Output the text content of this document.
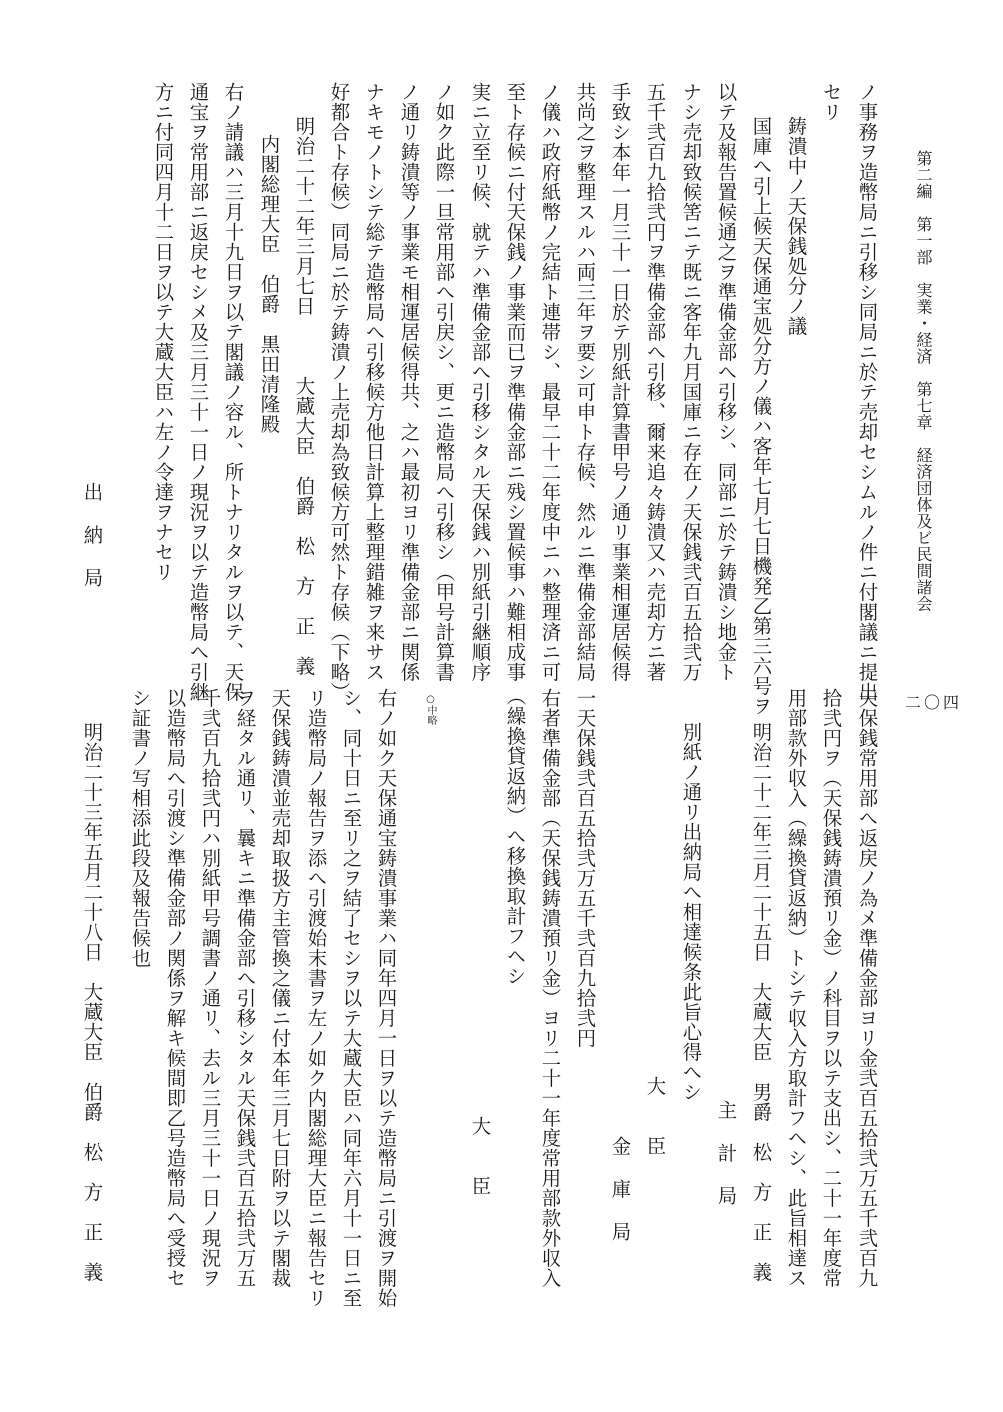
第二編　第一部　実業・経済　第七章　経済団体及ビ民間諸会
二〇四
ノ事務ヲ造幣局ニ引移シ同局ニ於テ売却セシムルノ件ニ付閣議ニ提出
セリ
鋳潰中ノ天保銭処分ノ議
国庫へ引上候天保通宝処分方ノ儀ハ客年七月七日機発乙第三六号ヲ
以テ及報告置候通之ヲ準備金部へ引移シ、同部ニ於テ鋳潰シ地金ト
ナシ売却致候筈ニテ既ニ客年九月国庫ニ存在ノ天保銭弐百五拾弐万
五千弐百九拾弐円ヲ準備金部へ引移、爾来追々鋳潰又ハ売却方ニ著
手致シ本年一月三十一日於テ別紙計算書甲号ノ通リ事業相運居候得
共尚之ヲ整理スルハ両三年ヲ要シ可申ト存候、然ルニ準備金部結局
ノ儀ハ政府紙幣ノ完結ト連帯シ、最早二十二年度中ニハ整理済ニ可
至ト存候ニ付天保銭ノ事業而已ヲ準備金部ニ残シ置候事ハ難相成事
実ニ立至リ候、就テハ準備金部へ引移シタル天保銭ハ別紙引継順序
ノ如ク此際一旦常用部へ引戻シ、更ニ造幣局へ引移シ（甲号計算書
ノ通リ鋳潰等ノ事業モ相運居候得共、之ハ最初ヨリ準備金部ニ関係
ナキモノトシテ総テ造幣局へ引移候方他日計算上整理錯雑ヲ来サス
好都合ト存候）同局ニ於テ鋳潰ノ上売却為致候方可然ト存候（下略）
明治二十二年三月七日　　　大蔵大臣　伯爵　松　方　正　義
内閣総理大臣　伯爵　黒田清隆殿
右ノ請議ハ三月十九日ヲ以テ閣議ノ容ル、所トナリタルヲ以テ、天保
通宝ヲ常用部ニ返戻セシメ及三月三十一日ノ現況ヲ以テ造幣局へ引継
方ニ付同四月十二日ヲ以テ大蔵大臣ハ左ノ令達ヲナセリ
出　納　局
天保銭常用部へ返戻ノ為メ準備金部ヨリ金弐百五拾弐万五千弐百九
拾弐円ヲ（天保銭鋳潰預リ金）ノ科目ヲ以テ支出シ、二十一年度常
用部款外収入（繰換貸返納）トシテ収入方取計フヘシ、此旨相達ス
明治二十二年三月二十五日　大蔵大臣　男爵　松　方　正　義
主　計　局
別紙ノ通リ出納局へ相達候条此旨心得へシ
大　　臣
金　庫　局
一天保銭弐百五拾弐万五千弐百九拾弐円
右者準備金部（天保銭鋳潰預リ金）ヨリ二十一年度常用部款外収入
（繰換貸返納）へ移換取計フヘシ
大　　臣
○中略
右ノ如ク天保通宝鋳潰事業ハ同年四月一日ヲ以テ造幣局ニ引渡ヲ開始
シ、同十日ニ至リ之ヲ結了セシヲ以テ大蔵大臣ハ同年六月十一日ニ至
リ造幣局ノ報告ヲ添へ引渡始末書ヲ左ノ如ク内閣総理大臣ニ報告セリ
天保銭鋳潰並売却取扱方主管換之儀ニ付本年三月七日附ヲ以テ閣裁
ヲ経タル通リ、曩キニ準備金部へ引移シタル天保銭弐百五拾弐万五
千弐百九拾弐円ハ別紙甲号調書ノ通リ、去ル三月三十一日ノ現況ヲ
以造幣局へ引渡シ準備金部ノ関係ヲ解キ候間即乙号造幣局へ受授セ
シ証書ノ写相添此段及報告候也
明治二十三年五月二十八日　大蔵大臣　伯爵　松　方　正　義
